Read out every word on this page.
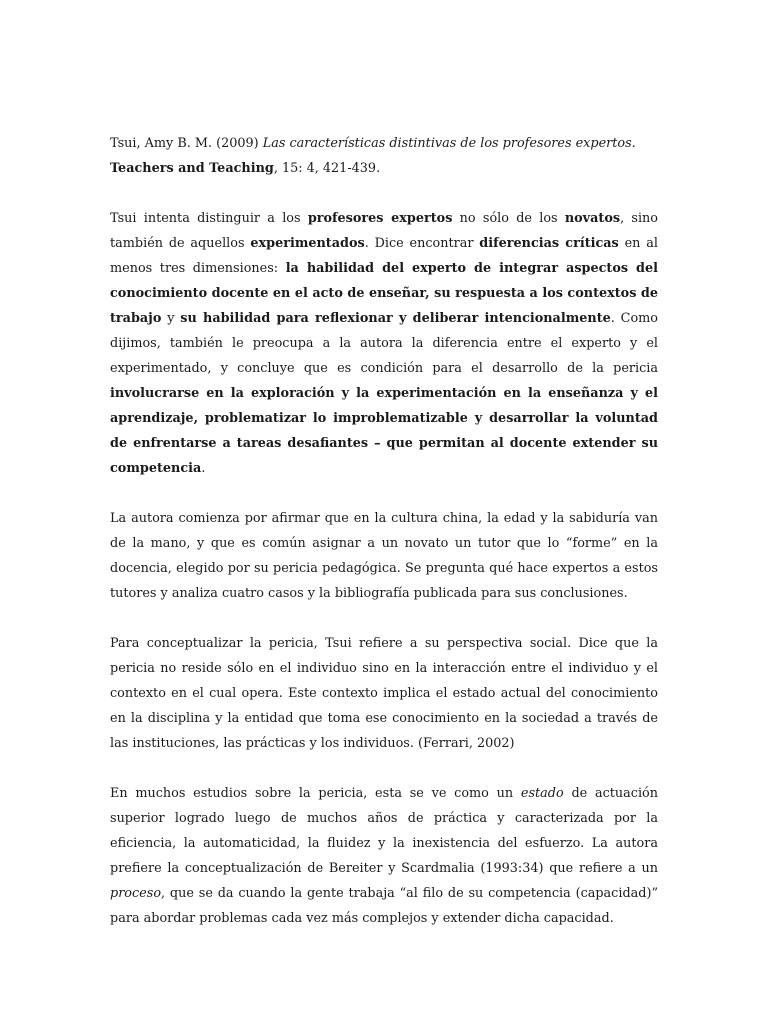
Tsui, Amy B. M. (2009) Las características distintivas de los profesores expertos.
Teachers and Teaching, 15: 4, 421-439.

Tsui intenta distinguir a los profesores expertos no sólo de los novatos, sino también de aquellos experimentados. Dice encontrar diferencias críticas en al menos tres dimensiones: la habilidad del experto de integrar aspectos del conocimiento docente en el acto de enseñar, su respuesta a los contextos de trabajo y su habilidad para reflexionar y deliberar intencionalmente. Como dijimos, también le preocupa a la autora la diferencia entre el experto y el experimentado, y concluye que es condición para el desarrollo de la pericia involucrarse en la exploración y la experimentación en la enseñanza y el aprendizaje, problematizar lo improblematizable y desarrollar la voluntad de enfrentarse a tareas desafiantes – que permitan al docente extender su competencia.

La autora comienza por afirmar que en la cultura china, la edad y la sabiduría van de la mano, y que es común asignar a un novato un tutor que lo “forme” en la docencia, elegido por su pericia pedagógica. Se pregunta qué hace expertos a estos tutores y analiza cuatro casos y la bibliografía publicada para sus conclusiones.

Para conceptualizar la pericia, Tsui refiere a su perspectiva social. Dice que la pericia no reside sólo en el individuo sino en la interacción entre el individuo y el contexto en el cual opera. Este contexto implica el estado actual del conocimiento en la disciplina y la entidad que toma ese conocimiento en la sociedad a través de las instituciones, las prácticas y los individuos. (Ferrari, 2002)

En muchos estudios sobre la pericia, esta se ve como un estado de actuación superior logrado luego de muchos años de práctica y caracterizada por la eficiencia, la automaticidad, la fluidez y la inexistencia del esfuerzo. La autora prefiere la conceptualización de Bereiter y Scardmalia (1993:34) que refiere a un proceso, que se da cuando la gente trabaja “al filo de su competencia (capacidad)” para abordar problemas cada vez más complejos y extender dicha capacidad.
